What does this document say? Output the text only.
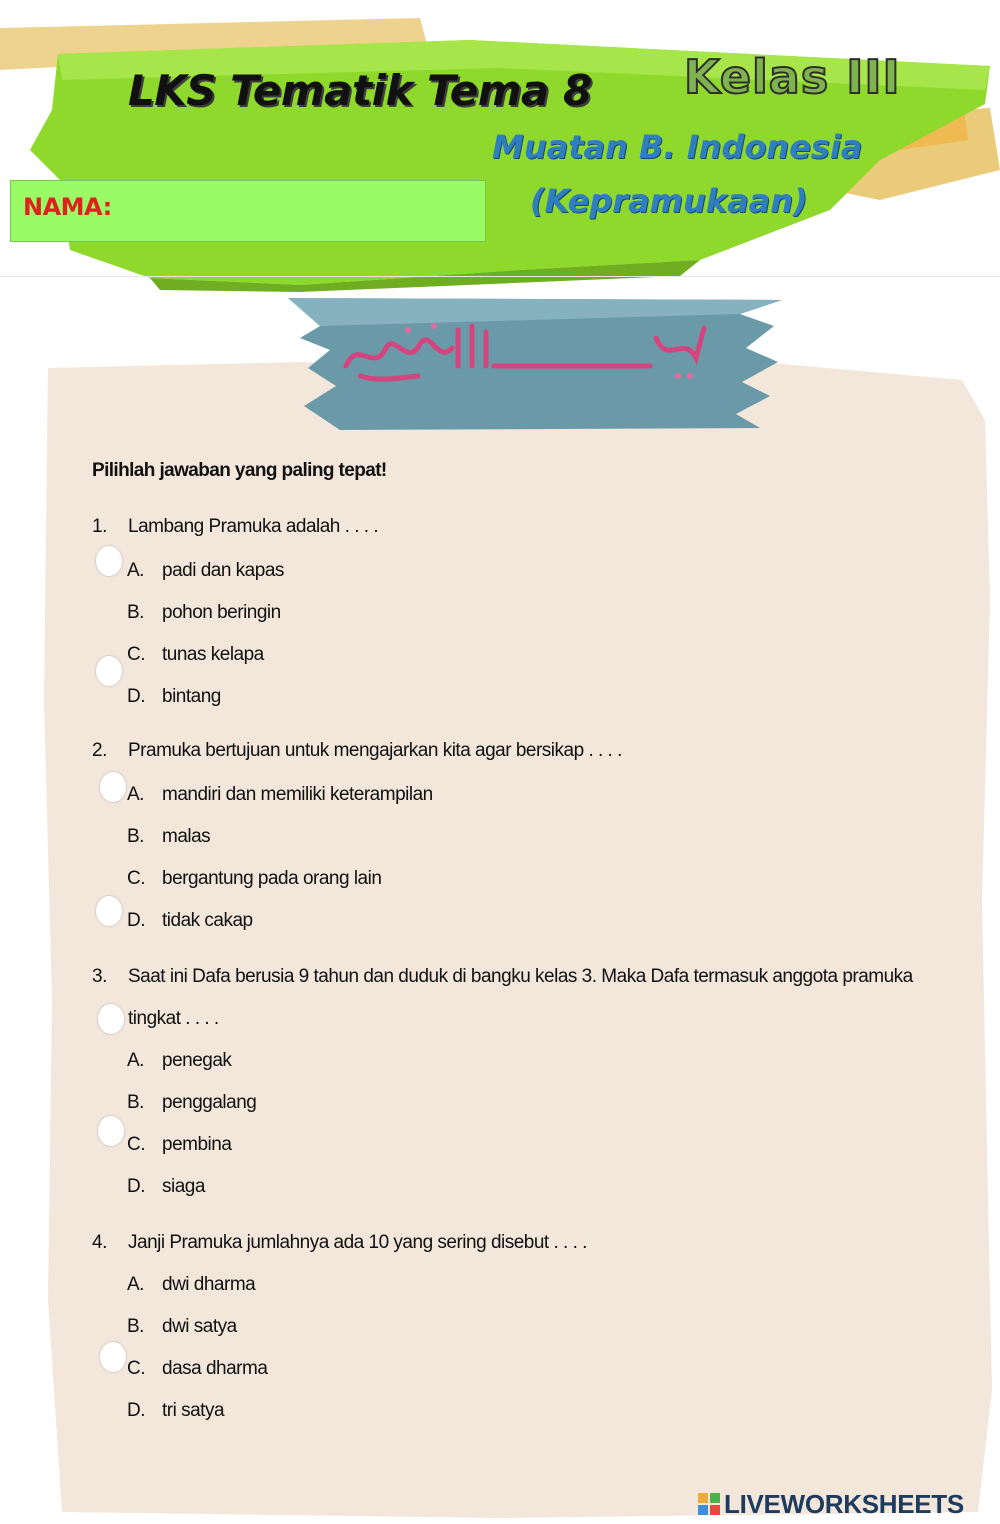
LKS Tematik Tema 8 Kelas III
Muatan B. Indonesia
(Kepramukaan)
NAMA:
Pilihlah jawaban yang paling tepat!
1. Lambang Pramuka adalah . . . .
A. padi dan kapas
B. pohon beringin
C. tunas kelapa
D. bintang
2. Pramuka bertujuan untuk mengajarkan kita agar bersikap . . . .
A. mandiri dan memiliki keterampilan
B. malas
C. bergantung pada orang lain
D. tidak cakap
3. Saat ini Dafa berusia 9 tahun dan duduk di bangku kelas 3. Maka Dafa termasuk anggota pramuka
tingkat . . . .
A. penegak
B. penggalang
C. pembina
D. siaga
4. Janji Pramuka jumlahnya ada 10 yang sering disebut . . . .
A. dwi dharma
B. dwi satya
C. dasa dharma
D. tri satya
LIVEWORKSHEETS
